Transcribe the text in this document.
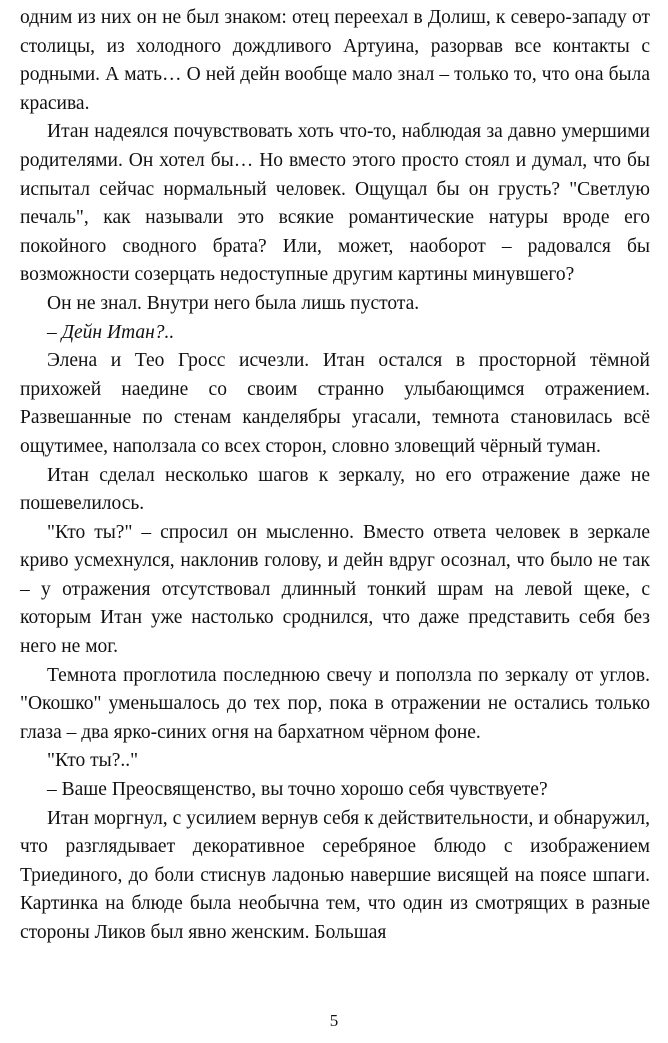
одним из них он не был знаком: отец переехал в Долиш, к северо-западу от столицы, из холодного дождливого Артуина, разорвав все контакты с родными. А мать… О ней дейн вообще мало знал – только то, что она была красива.

Итан надеялся почувствовать хоть что-то, наблюдая за давно умершими родителями. Он хотел бы… Но вместо этого просто стоял и думал, что бы испытал сейчас нормальный человек. Ощущал бы он грусть? "Светлую печаль", как называли это всякие романтические натуры вроде его покойного сводного брата? Или, может, наоборот – радовался бы возможности созерцать недоступные другим картины минувшего?

Он не знал. Внутри него была лишь пустота.

– Дейн Итан?..

Элена и Тео Гросс исчезли. Итан остался в просторной тёмной прихожей наедине со своим странно улыбающимся отражением. Развешанные по стенам канделябры угасали, темнота становилась всё ощутимее, наползала со всех сторон, словно зловещий чёрный туман.

Итан сделал несколько шагов к зеркалу, но его отражение даже не пошевелилось.

"Кто ты?" – спросил он мысленно. Вместо ответа человек в зеркале криво усмехнулся, наклонив голову, и дейн вдруг осознал, что было не так – у отражения отсутствовал длинный тонкий шрам на левой щеке, с которым Итан уже настолько сроднился, что даже представить себя без него не мог.

Темнота проглотила последнюю свечу и поползла по зеркалу от углов. "Окошко" уменьшалось до тех пор, пока в отражении не остались только глаза – два ярко-синих огня на бархатном чёрном фоне.

"Кто ты?.."

– Ваше Преосвященство, вы точно хорошо себя чувствуете?

Итан моргнул, с усилием вернув себя к действительности, и обнаружил, что разглядывает декоративное серебряное блюдо с изображением Триединого, до боли стиснув ладонью навершие висящей на поясе шпаги. Картинка на блюде была необычна тем, что один из смотрящих в разные стороны Ликов был явно женским. Большая

5
